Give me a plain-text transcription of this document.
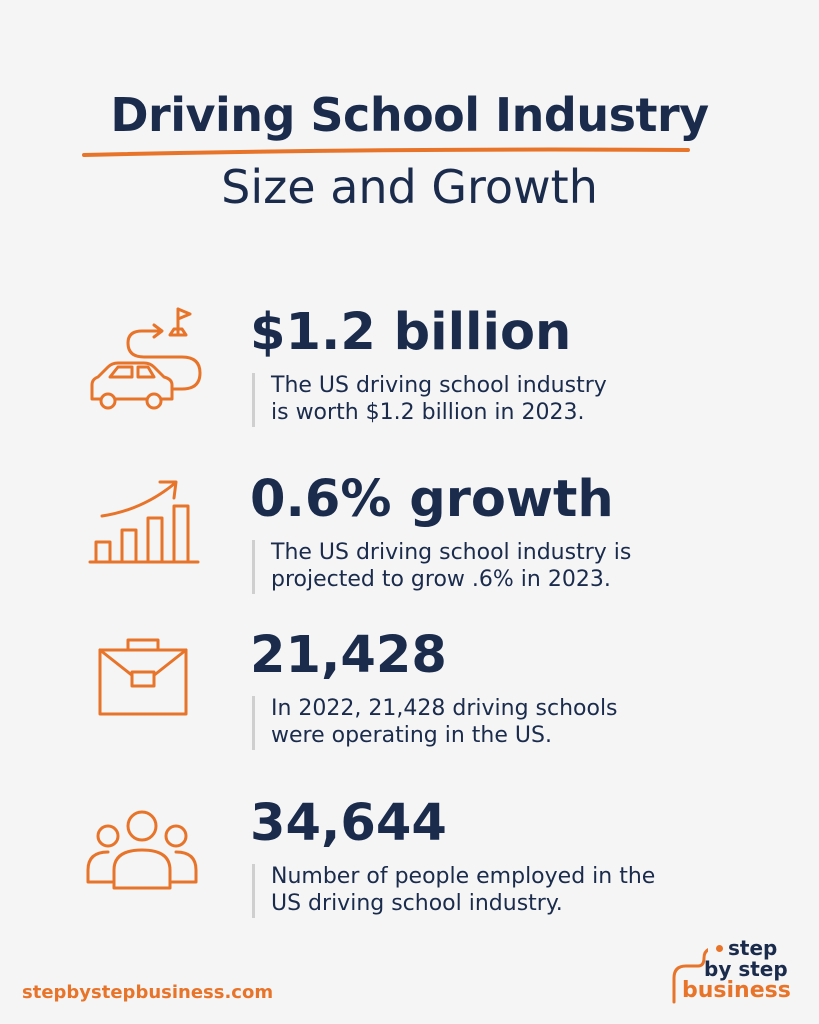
Driving School Industry
Size and Growth
$1.2 billion
The US driving school industry
is worth $1.2 billion in 2023.
0.6% growth
The US driving school industry is
projected to grow .6% in 2023.
21,428
In 2022, 21,428 driving schools
were operating in the US.
34,644
Number of people employed in the
US driving school industry.
stepbystepbusiness.com
step
by step
business
